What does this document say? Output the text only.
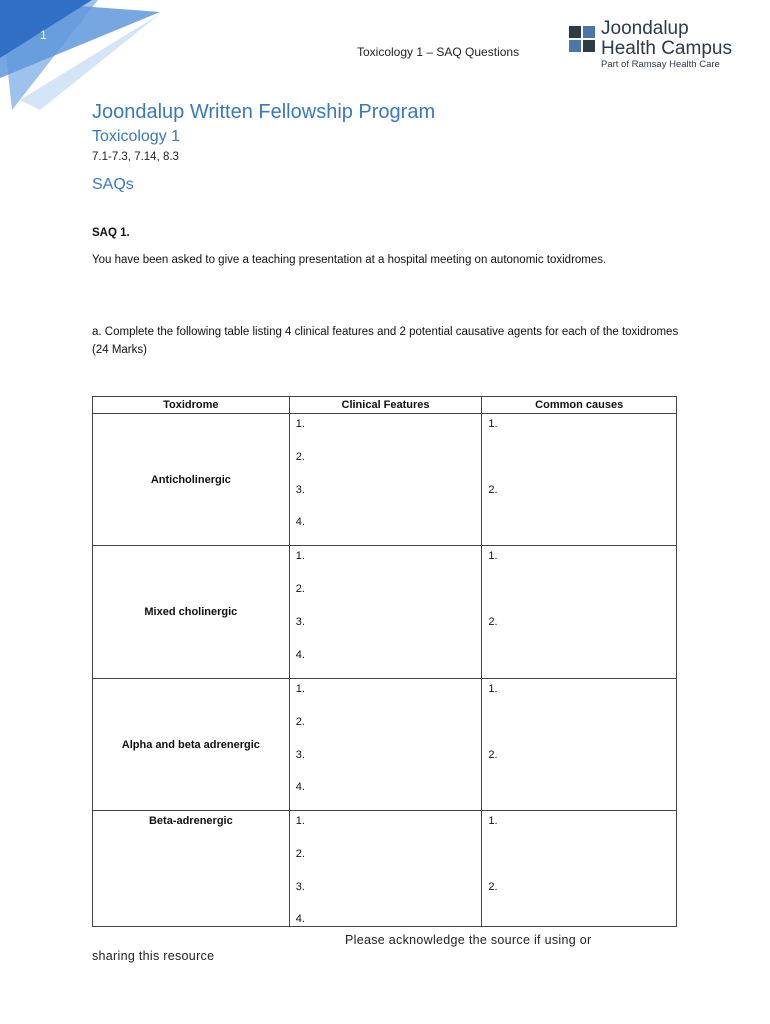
1
Toxicology 1 – SAQ Questions
Joondalup
Health Campus
Part of Ramsay Health Care
Joondalup Written Fellowship Program
Toxicology 1
7.1-7.3, 7.14, 8.3
SAQs
SAQ 1.
You have been asked to give a teaching presentation at a hospital meeting on autonomic toxidromes.
a. Complete the following table listing 4 clinical features and 2 potential causative agents for each of the toxidromes (24 Marks)
Toxidrome	Clinical Features	Common causes
Anticholinergic	1.
2.
3.
4.	1.
2.

Mixed cholinergic	1.
2.
3.
4.	1.
2.

Alpha and beta adrenergic	1.
2.
3.
4.	1.
2.

Beta-adrenergic	1.
2.
3.
4.	1.
2.
Please acknowledge the source if using or
sharing this resource
